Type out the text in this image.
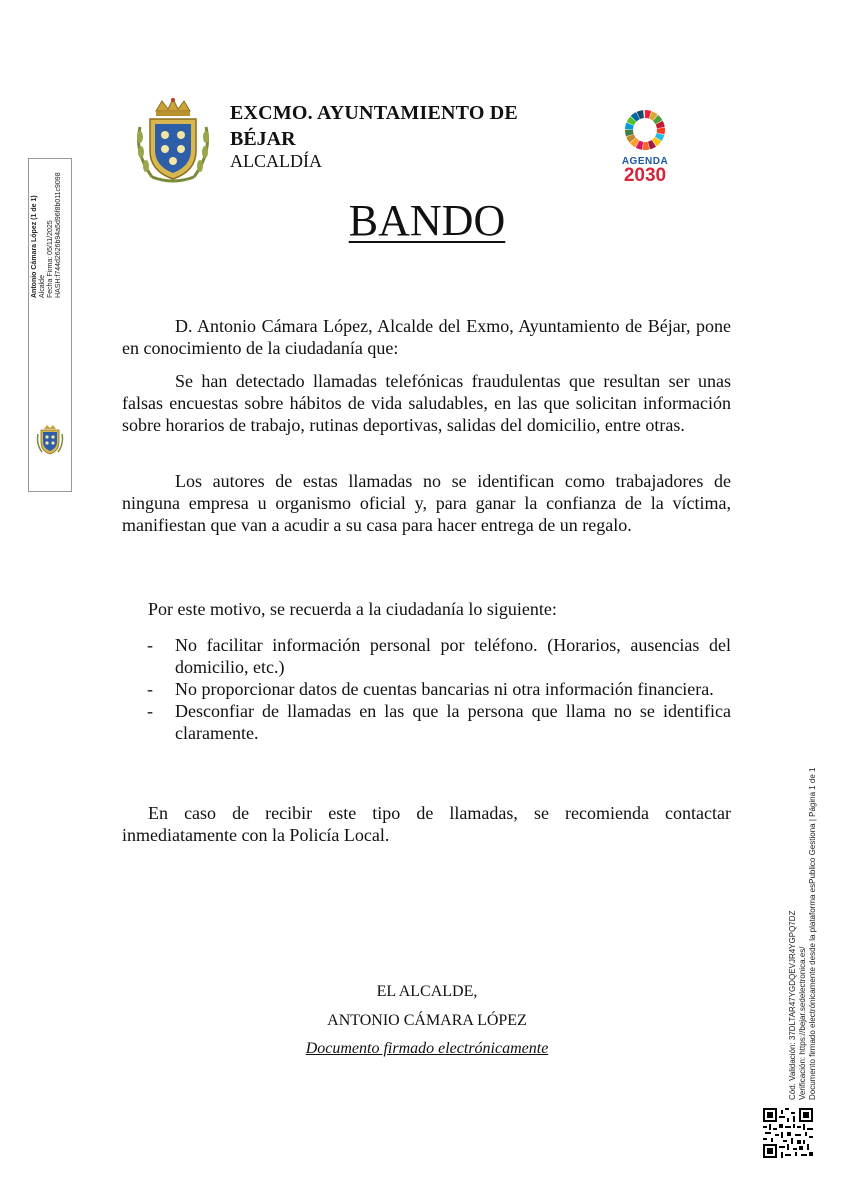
EXCMO. AYUNTAMIENTO DE
BÉJAR
ALCALDÍA	AGENDA
2030
BANDO
D. Antonio Cámara López, Alcalde del Exmo, Ayuntamiento de Béjar, pone en conocimiento de la ciudadanía que:
Se han detectado llamadas telefónicas fraudulentas que resultan ser unas falsas encuestas sobre hábitos de vida saludables, en las que solicitan información sobre horarios de trabajo, rutinas deportivas, salidas del domicilio, entre otras.
Los autores de estas llamadas no se identifican como trabajadores de ninguna empresa u organismo oficial y, para ganar la confianza de la víctima, manifiestan que van a acudir a su casa para hacer entrega de un regalo.
Por este motivo, se recuerda a la ciudadanía lo siguiente:
- No facilitar información personal por teléfono. (Horarios, ausencias del domicilio, etc.)
- No proporcionar datos de cuentas bancarias ni otra información financiera.
- Desconfiar de llamadas en las que la persona que llama no se identifica claramente.
En caso de recibir este tipo de llamadas, se recomienda contactar inmediatamente con la Policía Local.
EL ALCALDE,
ANTONIO CÁMARA LÓPEZ
Documento firmado electrónicamente
Antonio Cámara López (1 de 1) Alcalde Fecha Firma: 05/11/2025 HASH:f744d2626b94a5d96f8b011c9098
Cód. Validación: 37DLTAR47YGDQEVJR4YGPQ7DZ Verificación: https://bejar.sedelectronica.es/ Documento firmado electrónicamente desde la plataforma esPublico Gestiona | Página 1 de 1
